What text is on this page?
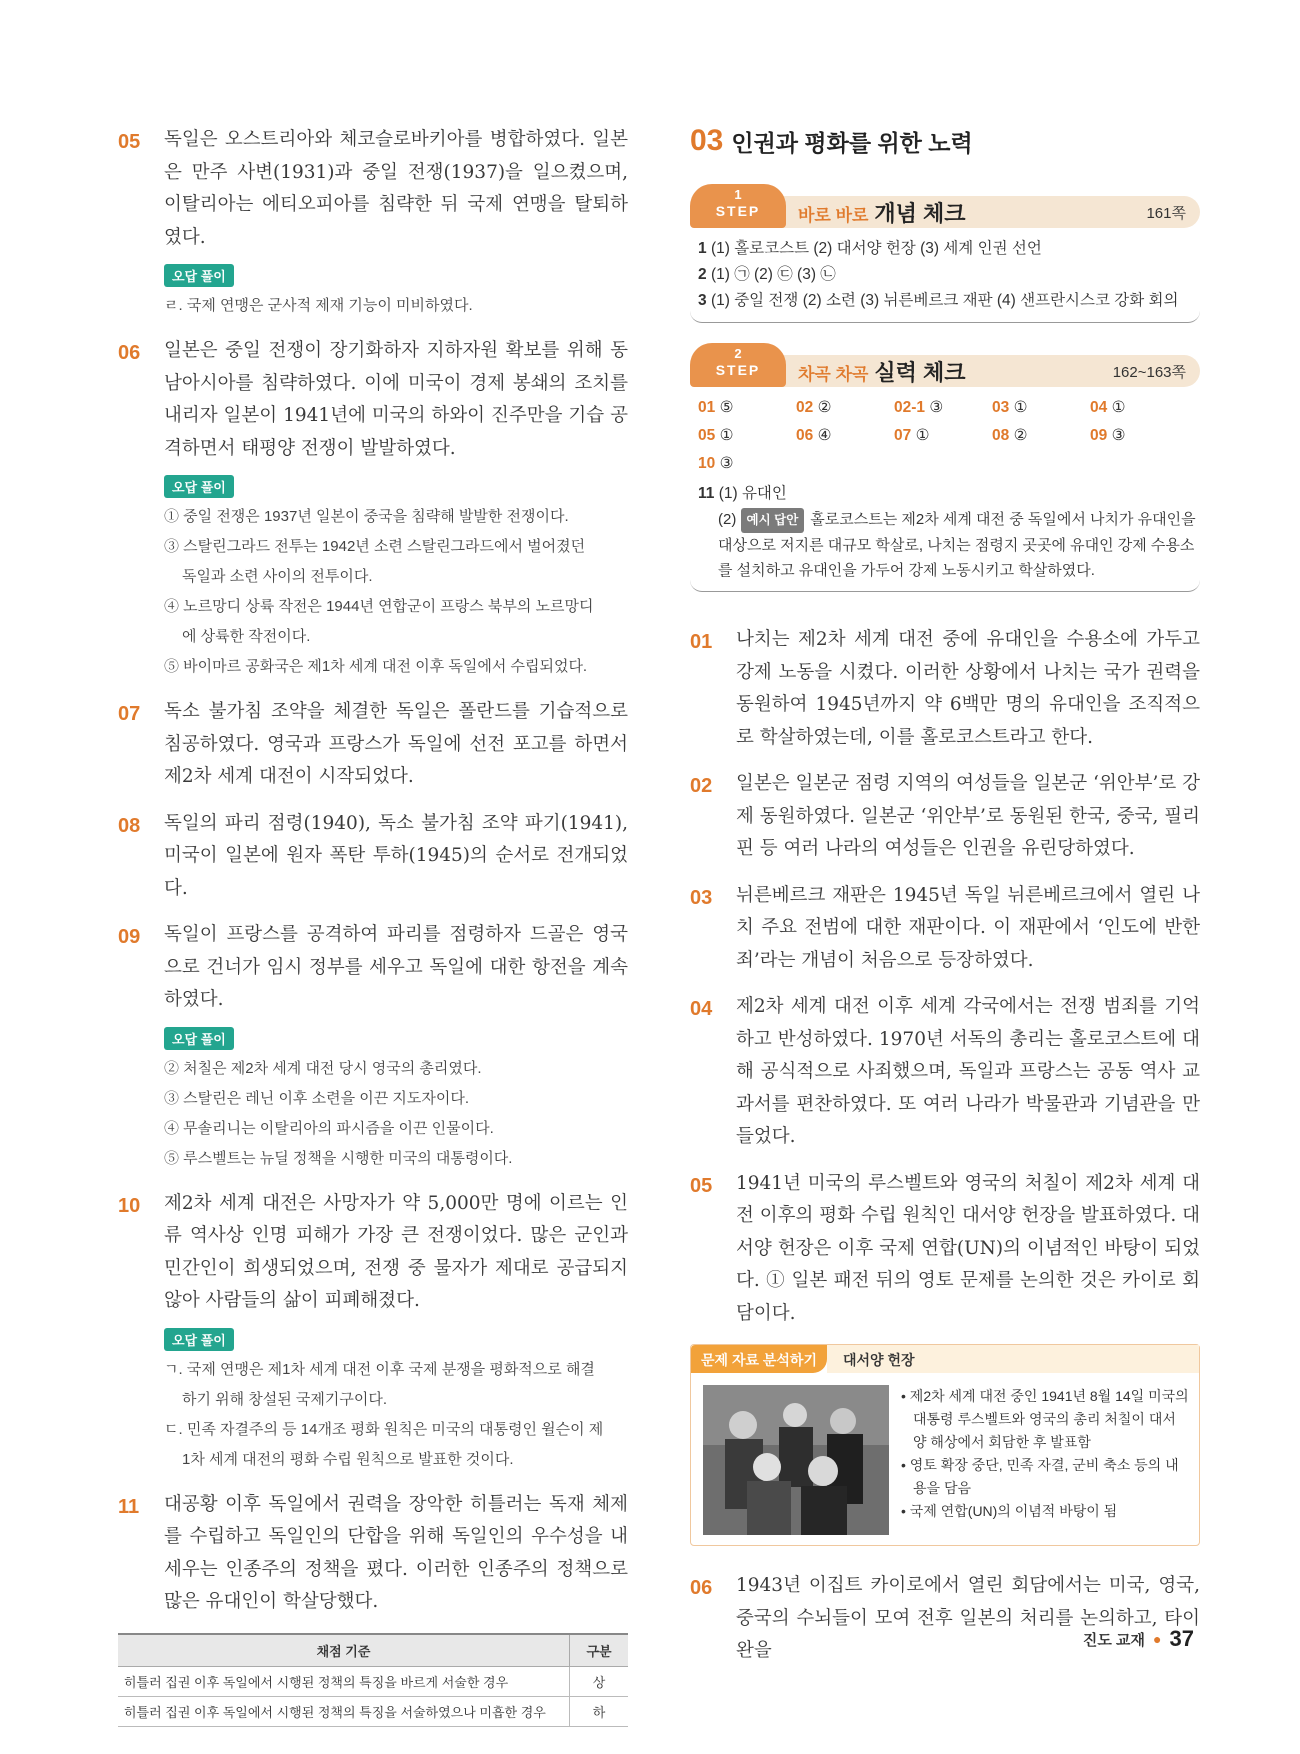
05	독일은 오스트리아와 체코슬로바키아를 병합하였다. 일본은 만주 사변(1931)과 중일 전쟁(1937)을 일으켰으며, 이탈리아는 에티오피아를 침략한 뒤 국제 연맹을 탈퇴하였다.
오답 풀이
ㄹ. 국제 연맹은 군사적 제재 기능이 미비하였다.
06	일본은 중일 전쟁이 장기화하자 지하자원 확보를 위해 동남아시아를 침략하였다. 이에 미국이 경제 봉쇄의 조치를 내리자 일본이 1941년에 미국의 하와이 진주만을 기습 공격하면서 태평양 전쟁이 발발하였다.
오답 풀이
① 중일 전쟁은 1937년 일본이 중국을 침략해 발발한 전쟁이다.
③ 스탈린그라드 전투는 1942년 소련 스탈린그라드에서 벌어졌던
독일과 소련 사이의 전투이다.
④ 노르망디 상륙 작전은 1944년 연합군이 프랑스 북부의 노르망디
에 상륙한 작전이다.
⑤ 바이마르 공화국은 제1차 세계 대전 이후 독일에서 수립되었다.
07	독소 불가침 조약을 체결한 독일은 폴란드를 기습적으로 침공하였다. 영국과 프랑스가 독일에 선전 포고를 하면서 제2차 세계 대전이 시작되었다.
08	독일의 파리 점령(1940), 독소 불가침 조약 파기(1941), 미국이 일본에 원자 폭탄 투하(1945)의 순서로 전개되었다.
09	독일이 프랑스를 공격하여 파리를 점령하자 드골은 영국으로 건너가 임시 정부를 세우고 독일에 대한 항전을 계속하였다.
오답 풀이
② 처칠은 제2차 세계 대전 당시 영국의 총리였다.
③ 스탈린은 레닌 이후 소련을 이끈 지도자이다.
④ 무솔리니는 이탈리아의 파시즘을 이끈 인물이다.
⑤ 루스벨트는 뉴딜 정책을 시행한 미국의 대통령이다.
10	제2차 세계 대전은 사망자가 약 5,000만 명에 이르는 인류 역사상 인명 피해가 가장 큰 전쟁이었다. 많은 군인과 민간인이 희생되었으며, 전쟁 중 물자가 제대로 공급되지 않아 사람들의 삶이 피폐해졌다.
오답 풀이
ㄱ. 국제 연맹은 제1차 세계 대전 이후 국제 분쟁을 평화적으로 해결
하기 위해 창설된 국제기구이다.
ㄷ. 민족 자결주의 등 14개조 평화 원칙은 미국의 대통령인 윌슨이 제
1차 세계 대전의 평화 수립 원칙으로 발표한 것이다.
11	대공황 이후 독일에서 권력을 장악한 히틀러는 독재 체제를 수립하고 독일인의 단합을 위해 독일인의 우수성을 내세우는 인종주의 정책을 폈다. 이러한 인종주의 정책으로 많은 유대인이 학살당했다.
채점 기준	구분
히틀러 집권 이후 독일에서 시행된 정책의 특징을 바르게 서술한 경우	상
히틀러 집권 이후 독일에서 시행된 정책의 특징을 서술하였으나 미흡한 경우	하
03 인권과 평화를 위한 노력
1
STEP	바로 바로 개념 체크	161쪽
1
(1) 홀로코스트 (2) 대서양 헌장 (3) 세계 인권 선언
2
(1) ㉠ (2) ㉢ (3) ㉡
3
(1) 중일 전쟁 (2) 소련 (3) 뉘른베르크 재판 (4) 샌프란시스코 강화 회의
2
STEP	차곡 차곡 실력 체크	162~163쪽
01 ⑤	02 ②	02-1 ③	03 ①	04 ①
05 ①	06 ④	07 ①	08 ②	09 ③
10 ③
11 (1) 유대인
(2) 예시 답안 홀로코스트는 제2차 세계 대전 중 독일에서 나치가 유대인을 대상으로 저지른 대규모 학살로, 나치는 점령지 곳곳에 유대인 강제 수용소를 설치하고 유대인을 가두어 강제 노동시키고 학살하였다.
01	나치는 제2차 세계 대전 중에 유대인을 수용소에 가두고 강제 노동을 시켰다. 이러한 상황에서 나치는 국가 권력을 동원하여 1945년까지 약 6백만 명의 유대인을 조직적으로 학살하였는데, 이를 홀로코스트라고 한다.
02	일본은 일본군 점령 지역의 여성들을 일본군 ‘위안부’로 강제 동원하였다. 일본군 ‘위안부’로 동원된 한국, 중국, 필리핀 등 여러 나라의 여성들은 인권을 유린당하였다.
03	뉘른베르크 재판은 1945년 독일 뉘른베르크에서 열린 나치 주요 전범에 대한 재판이다. 이 재판에서 ‘인도에 반한 죄’라는 개념이 처음으로 등장하였다.
04	제2차 세계 대전 이후 세계 각국에서는 전쟁 범죄를 기억하고 반성하였다. 1970년 서독의 총리는 홀로코스트에 대해 공식적으로 사죄했으며, 독일과 프랑스는 공동 역사 교과서를 편찬하였다. 또 여러 나라가 박물관과 기념관을 만들었다.
05	1941년 미국의 루스벨트와 영국의 처칠이 제2차 세계 대전 이후의 평화 수립 원칙인 대서양 헌장을 발표하였다. 대서양 헌장은 이후 국제 연합(UN)의 이념적인 바탕이 되었다. ① 일본 패전 뒤의 영토 문제를 논의한 것은 카이로 회담이다.
문제 자료 분석하기	대서양 헌장
• 제2차 세계 대전 중인 1941년 8월 14일 미국의 대통령 루스벨트와 영국의 총리 처칠이 대서양 해상에서 회담한 후 발표함
• 영토 확장 중단, 민족 자결, 군비 축소 등의 내용을 담음
• 국제 연합(UN)의 이념적 바탕이 됨
06	1943년 이집트 카이로에서 열린 회담에서는 미국, 영국, 중국의 수뇌들이 모여 전후 일본의 처리를 논의하고, 타이완을	진도 교재 ● 37
